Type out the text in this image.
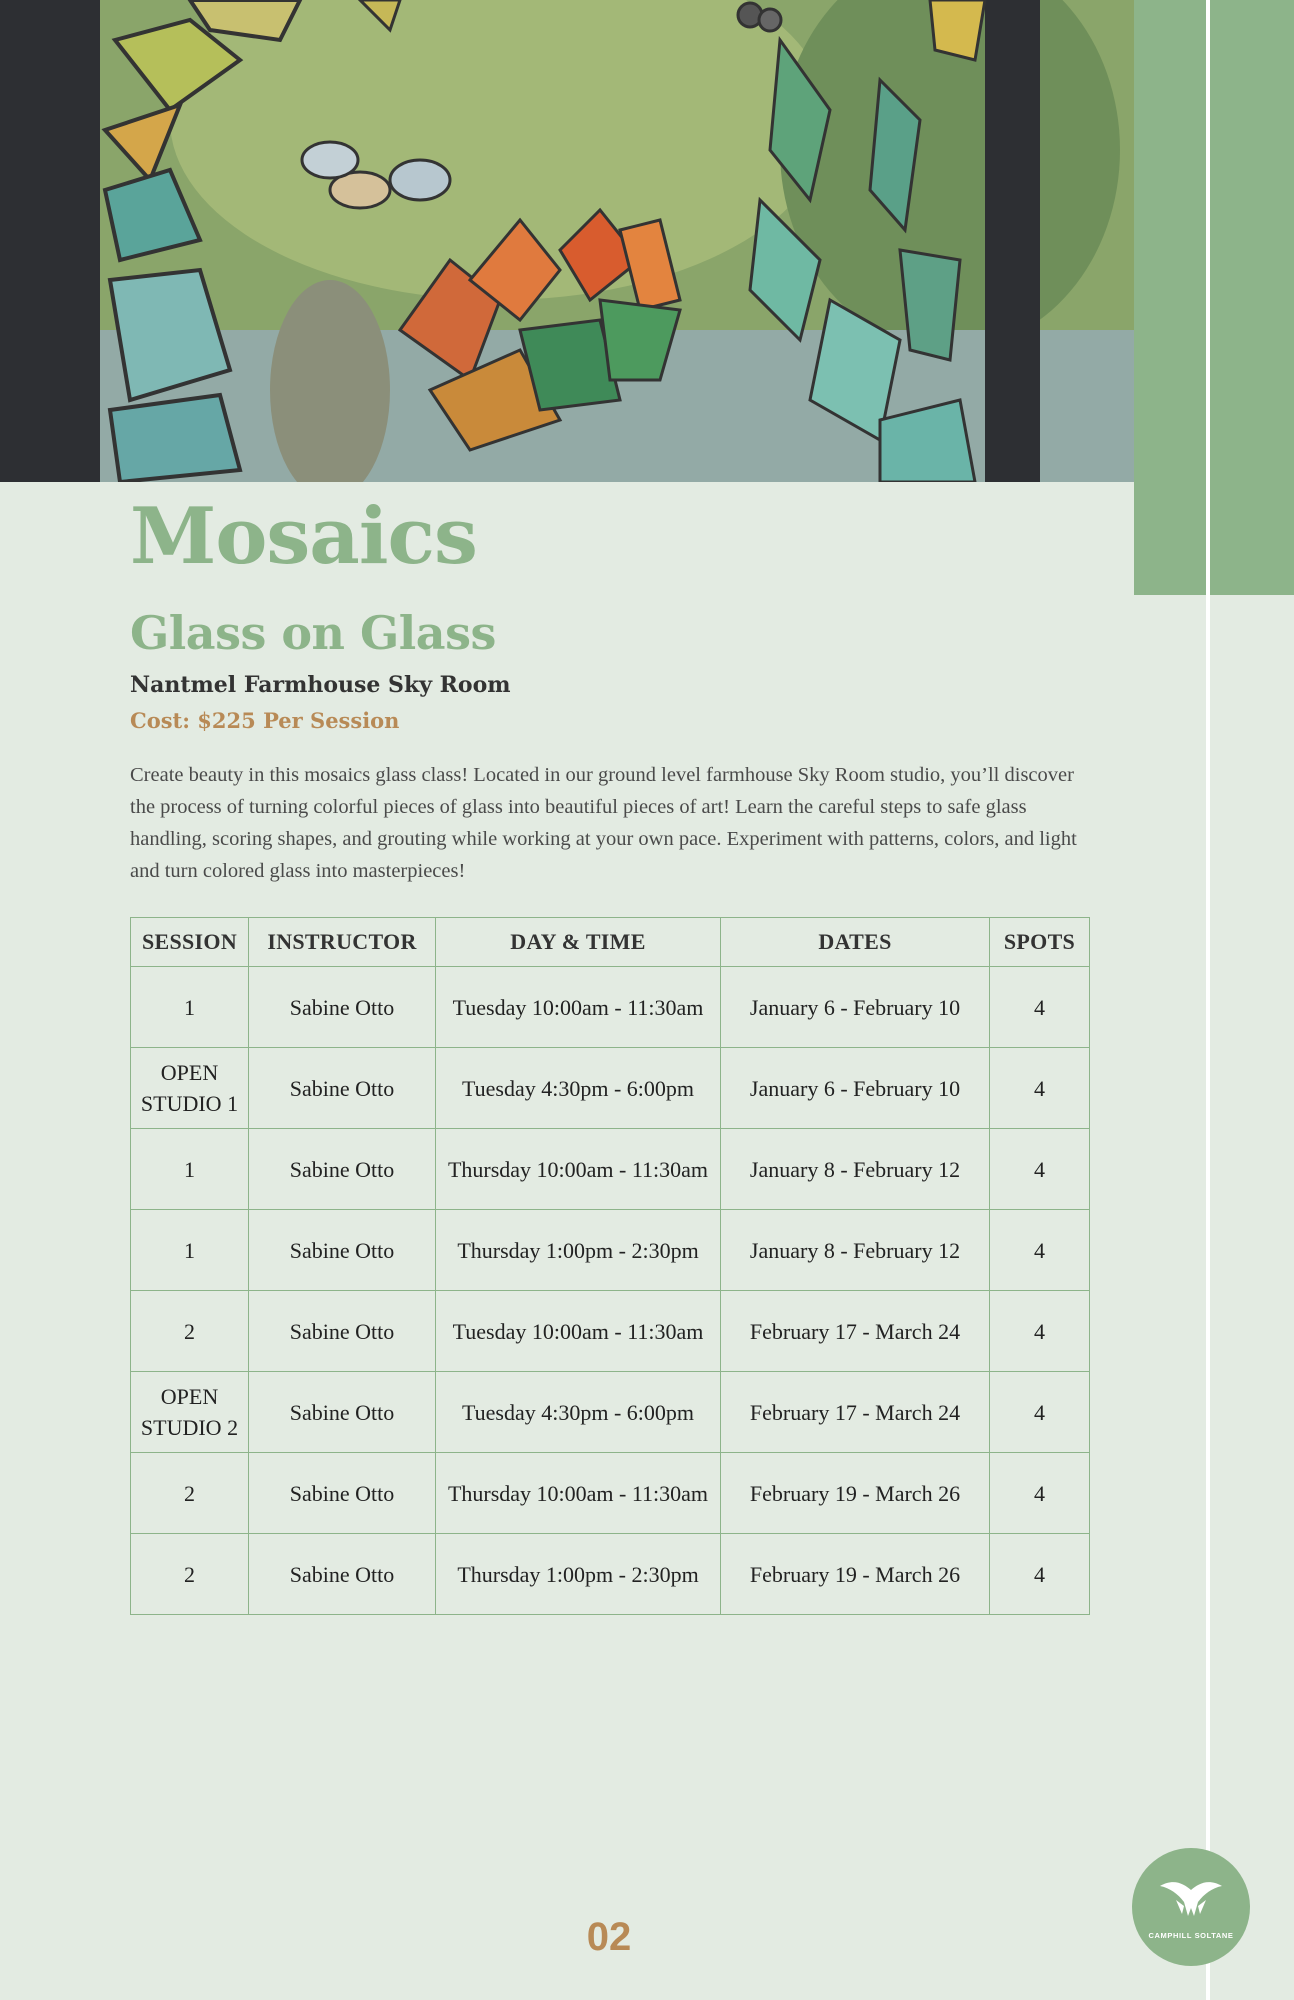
Mosaics
Glass on Glass
Nantmel Farmhouse Sky Room
Cost: $225 Per Session

Create beauty in this mosaics glass class! Located in our ground level farmhouse Sky Room studio, you’ll discover the process of turning colorful pieces of glass into beautiful pieces of art! Learn the careful steps to safe glass handling, scoring shapes, and grouting while working at your own pace. Experiment with patterns, colors, and light and turn colored glass into masterpieces!

SESSION	INSTRUCTOR	DAY & TIME	DATES	SPOTS
1	Sabine Otto	Tuesday 10:00am - 11:30am	January 6 - February 10	4
OPEN STUDIO 1	Sabine Otto	Tuesday 4:30pm - 6:00pm	January 6 - February 10	4
1	Sabine Otto	Thursday 10:00am - 11:30am	January 8 - February 12	4
1	Sabine Otto	Thursday 1:00pm - 2:30pm	January 8 - February 12	4
2	Sabine Otto	Tuesday 10:00am - 11:30am	February 17 - March 24	4
OPEN STUDIO 2	Sabine Otto	Tuesday 4:30pm - 6:00pm	February 17 - March 24	4
2	Sabine Otto	Thursday 10:00am - 11:30am	February 19 - March 26	4
2	Sabine Otto	Thursday 1:00pm - 2:30pm	February 19 - March 26	4
02	CAMPHILL SOLTANE
